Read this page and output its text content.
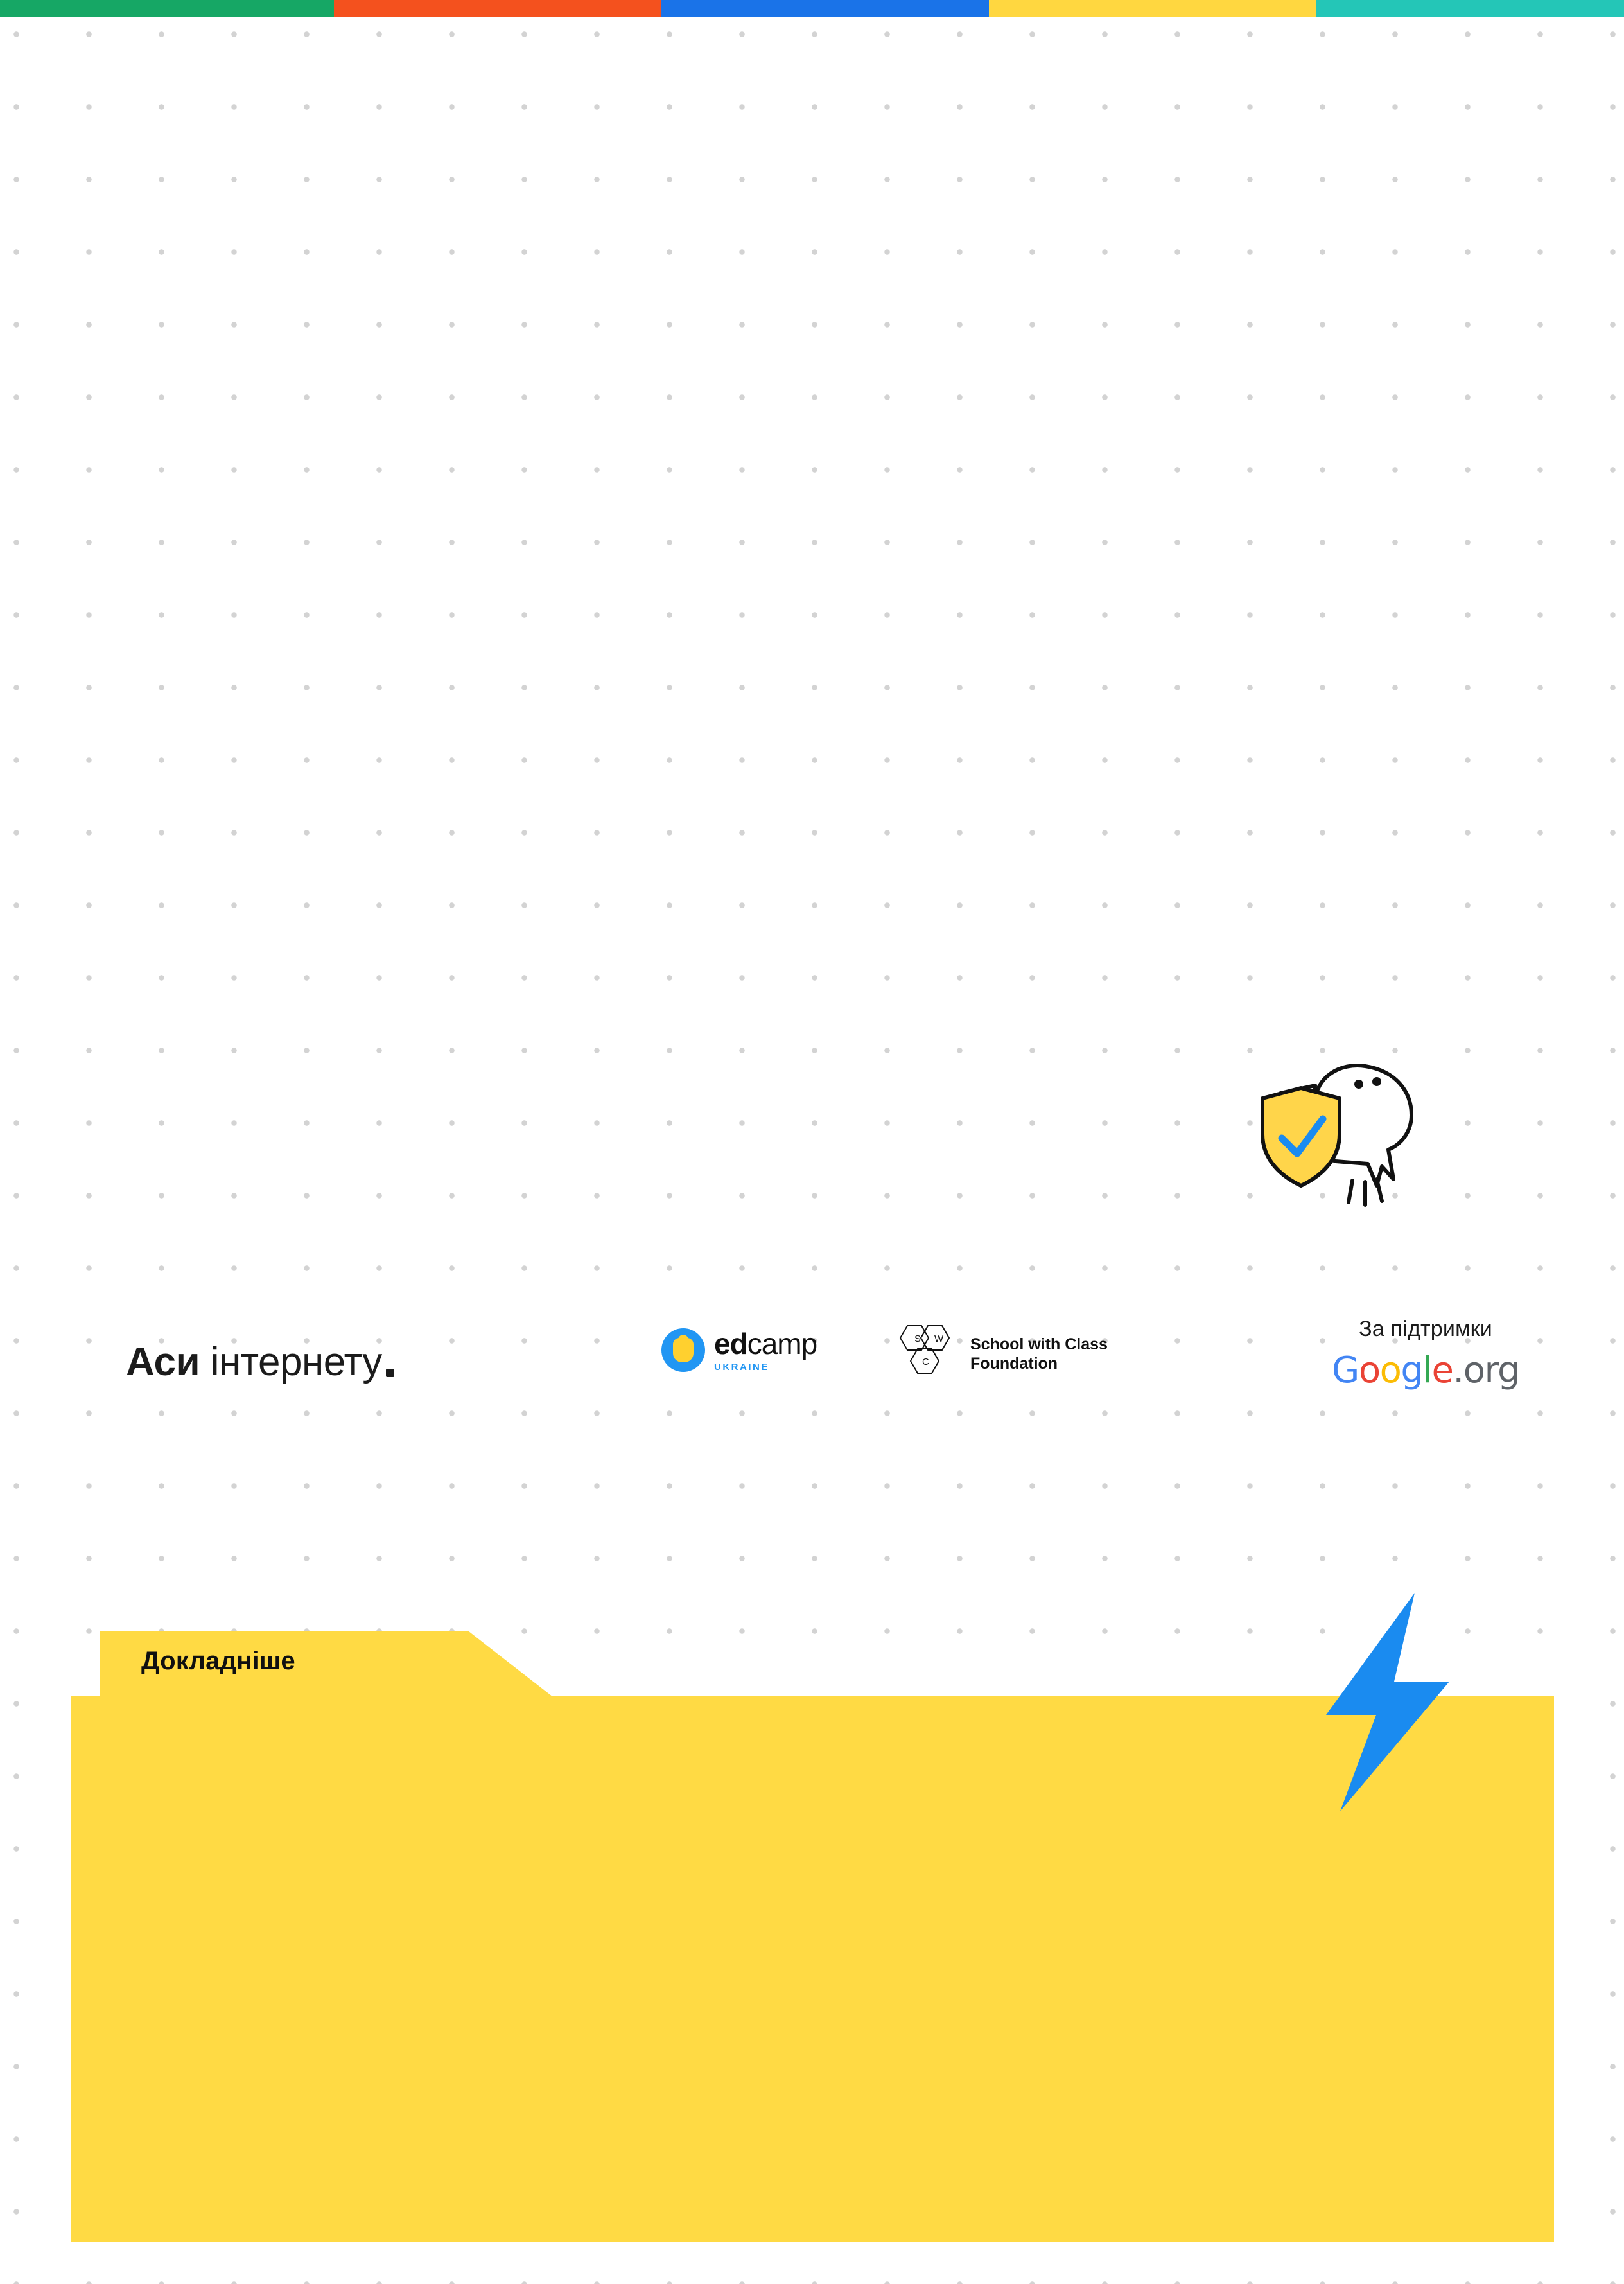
Аси інтернету	edcamp
UKRAINE
S W
C
School with Class
Foundation
За підтримки
Google.org
Докладніше
